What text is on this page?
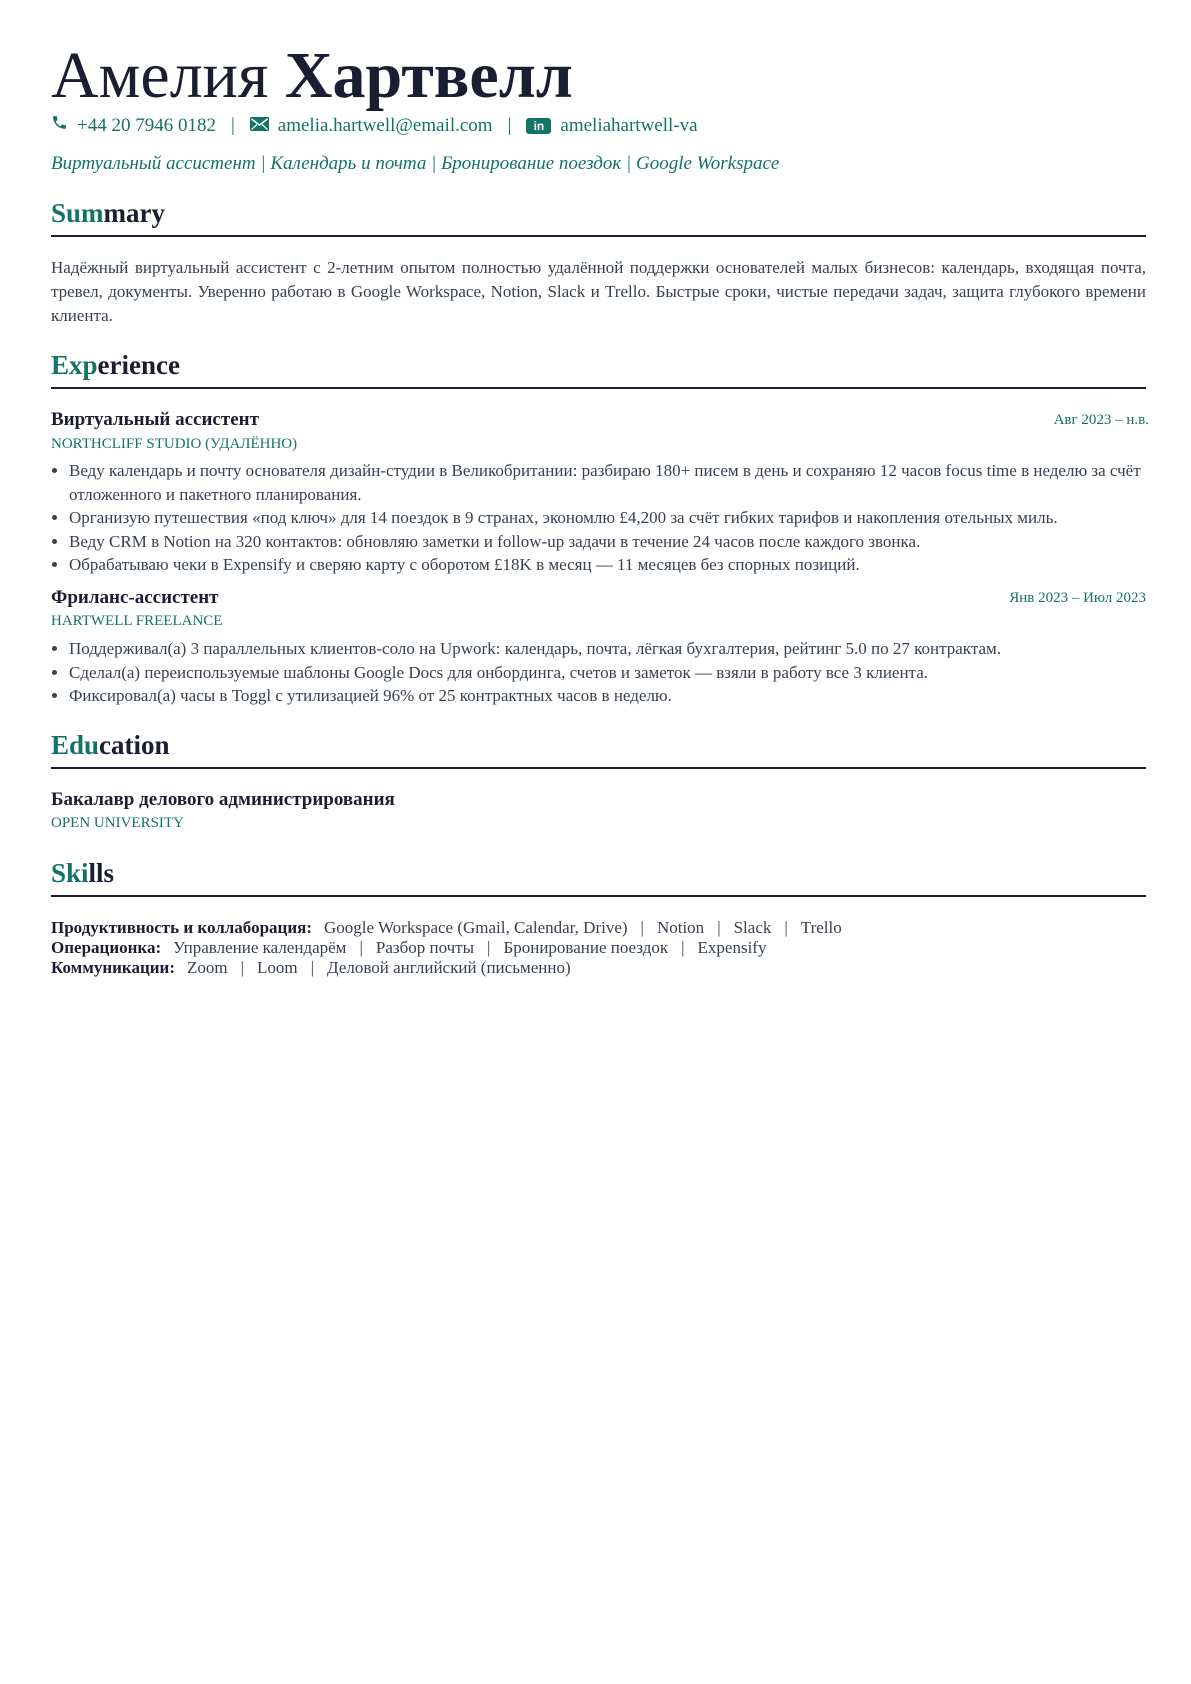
Амелия Хартвелл
+44 20 7946 0182 | amelia.hartwell@email.com |	in ameliahartwell-va
Виртуальный ассистент | Календарь и почта | Бронирование поездок | Google Workspace
Summary
Надёжный виртуальный ассистент с 2-летним опытом полностью удалённой поддержки основателей малых бизнесов: календарь, входящая почта, тревел, документы. Уверенно работаю в Google Workspace, Notion, Slack и Trello. Быстрые сроки, чистые передачи задач, защита глубокого времени клиента.
Experience
Виртуальный ассистент	Авг 2023 – н.в.
NORTHCLIFF STUDIO (УДАЛЁННО)
• Веду календарь и почту основателя дизайн-студии в Великобритании: разбираю 180+ писем в день и сохраняю 12 часов focus time в неделю за счёт отложенного и пакетного планирования.
• Организую путешествия «под ключ» для 14 поездок в 9 странах, экономлю £4,200 за счёт гибких тарифов и накопления отельных миль.
• Веду CRM в Notion на 320 контактов: обновляю заметки и follow-up задачи в течение 24 часов после каждого звонка.
• Обрабатываю чеки в Expensify и сверяю карту с оборотом £18K в месяц — 11 месяцев без спорных позиций.
Фриланс-ассистент	Янв 2023 – Июл 2023
HARTWELL FREELANCE
• Поддерживал(а) 3 параллельных клиентов-соло на Upwork: календарь, почта, лёгкая бухгалтерия, рейтинг 5.0 по 27 контрактам.
• Сделал(а) переиспользуемые шаблоны Google Docs для онбординга, счетов и заметок — взяли в работу все 3 клиента.
• Фиксировал(а) часы в Toggl с утилизацией 96% от 25 контрактных часов в неделю.
Education
Бакалавр делового администрирования
OPEN UNIVERSITY
Skills
Продуктивность и коллаборация: Google Workspace (Gmail, Calendar, Drive) | Notion | Slack | Trello
Операционка: Управление календарём | Разбор почты | Бронирование поездок | Expensify
Коммуникации: Zoom | Loom | Деловой английский (письменно)
